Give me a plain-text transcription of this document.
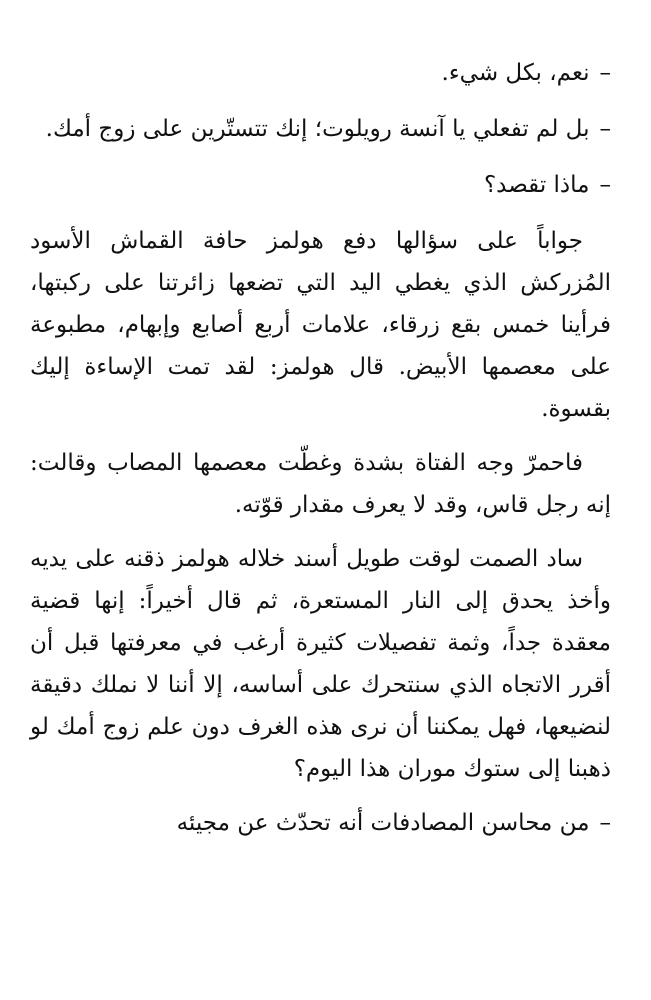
–نعم، بكل شيء.

–بل لم تفعلي يا آنسة رويلوت؛ إنك تتستّرين على زوج أمك.

–ماذا تقصد؟

جواباً على سؤالها دفع هولمز حافة القماش الأسود المُزركش الذي يغطي اليد التي تضعها زائرتنا على ركبتها، فرأينا خمس بقع زرقاء، علامات أربع أصابع وإبهام، مطبوعة على معصمها الأبيض. قال هولمز: لقد تمت الإساءة إليك بقسوة.

فاحمرّ وجه الفتاة بشدة وغطّت معصمها المصاب وقالت: إنه رجل قاس، وقد لا يعرف مقدار قوّته.

ساد الصمت لوقت طويل أسند خلاله هولمز ذقنه على يديه وأخذ يحدق إلى النار المستعرة، ثم قال أخيراً: إنها قضية معقدة جداً، وثمة تفصيلات كثيرة أرغب في معرفتها قبل أن أقرر الاتجاه الذي سنتحرك على أساسه، إلا أننا لا نملك دقيقة لنضيعها، فهل يمكننا أن نرى هذه الغرف دون علم زوج أمك لو ذهبنا إلى ستوك موران هذا اليوم؟

–من محاسن المصادفات أنه تحدّث عن مجيئه
